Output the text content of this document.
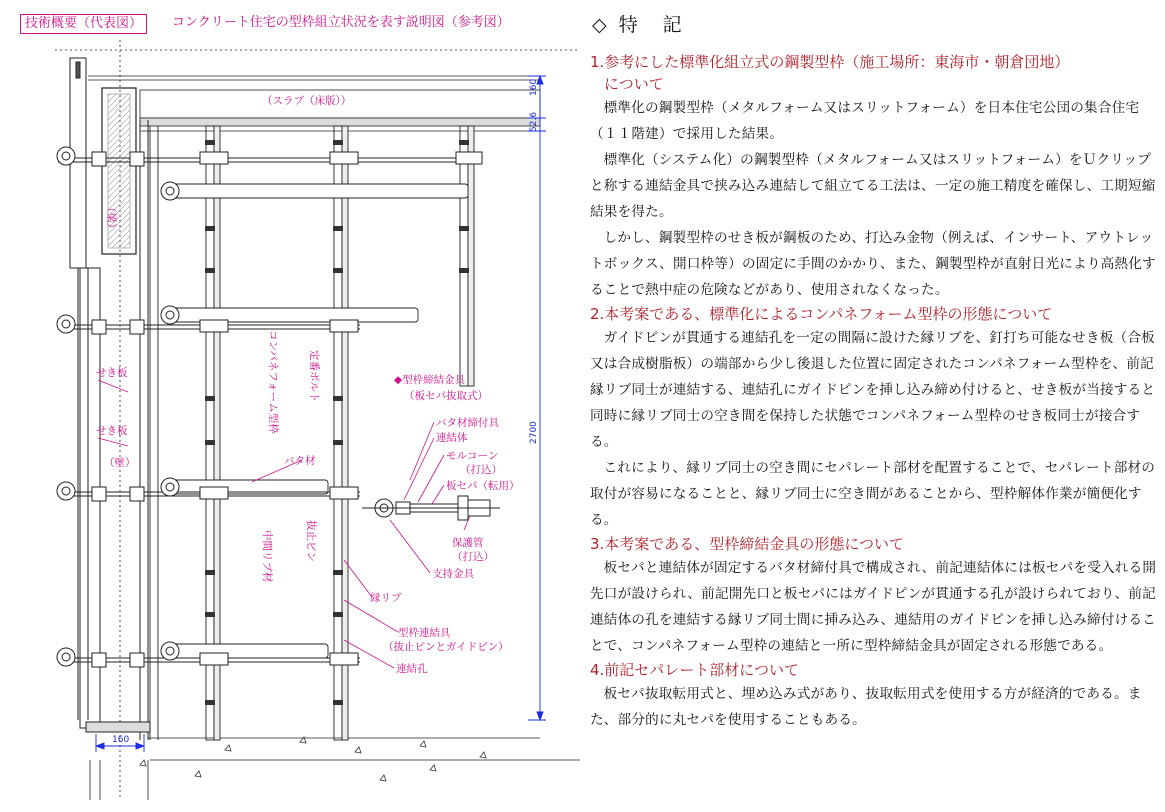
技術概要（代表図）	コンクリート住宅の型枠組立状況を表す説明図（参考図）
（スラブ（床版））
（梁）
160
52.6
2700
160
せき板
せき板
（壁）
コンパネフォーム型枠	定番ボルト
バタ材
中間リブ材	抜止ピン
◆型枠締結金具
（板セパ抜取式）
バタ材締付具
連結体
モルコーン
（打込）
板セパ（転用）
保護管
（打込）
支持金具
縁リブ
型枠連結具
（抜止ピンとガイドピン）
連結孔
◇ 特　記

1.参考にした標準化組立式の鋼製型枠（施工場所：東海市・朝倉団地）

について

標準化の鋼製型枠（メタルフォーム又はスリットフォーム）を日本住宅公団の集合住宅（１１階建）で採用した結果。

標準化（システム化）の鋼製型枠（メタルフォーム又はスリットフォーム）をＵクリップと称する連結金具で挟み込み連結して組立てる工法は、一定の施工精度を確保し、工期短縮結果を得た。

しかし、鋼製型枠のせき板が鋼板のため、打込み金物（例えば、インサート、アウトレットボックス、開口枠等）の固定に手間のかかり、また、鋼製型枠が直射日光により高熱化することで熱中症の危険などがあり、使用されなくなった。

2.本考案である、標準化によるコンパネフォーム型枠の形態について

ガイドピンが貫通する連結孔を一定の間隔に設けた縁リブを、釘打ち可能なせき板（合板又は合成樹脂板）の端部から少し後退した位置に固定されたコンパネフォーム型枠を、前記縁リブ同士が連結する、連結孔にガイドピンを挿し込み締め付けると、せき板が当接すると同時に縁リブ同士の空き間を保持した状態でコンパネフォーム型枠のせき板同士が接合する。

これにより、縁リブ同士の空き間にセパレート部材を配置することで、セパレート部材の取付が容易になることと、縁リブ同士に空き間があることから、型枠解体作業が簡便化する。

3.本考案である、型枠締結金具の形態について

板セパと連結体が固定するバタ材締付具で構成され、前記連結体には板セパを受入れる開先口が設けられ、前記開先口と板セパにはガイドピンが貫通する孔が設けられており、前記連結体の孔を連結する縁リブ同士間に挿み込み、連結用のガイドピンを挿し込み締付けることで、コンパネフォーム型枠の連結と一所に型枠締結金具が固定される形態である。

4.前記セパレート部材について

板セパ抜取転用式と、埋め込み式があり、抜取転用式を使用する方が経済的である。また、部分的に丸セパを使用することもある。
